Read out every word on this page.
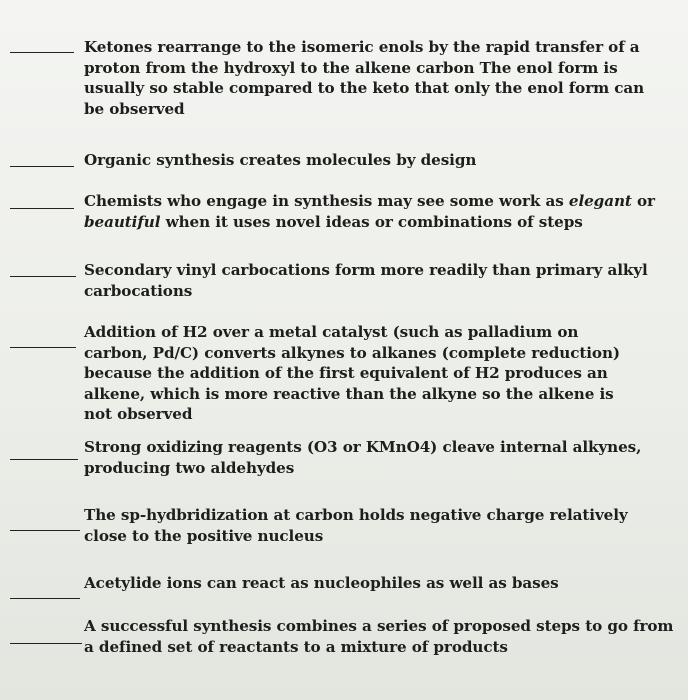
Ketones rearrange to the isomeric enols by the rapid transfer of a proton from the hydroxyl to the alkene carbon The enol form is usually so stable compared to the keto that only the enol form can be observed

Organic synthesis creates molecules by design

Chemists who engage in synthesis may see some work as elegant or beautiful when it uses novel ideas or combinations of steps

Secondary vinyl carbocations form more readily than primary alkyl carbocations

Addition of H2 over a metal catalyst (such as palladium on carbon, Pd/C) converts alkynes to alkanes (complete reduction) because the addition of the first equivalent of H2 produces an alkene, which is more reactive than the alkyne so the alkene is not observed

Strong oxidizing reagents (O3 or KMnO4) cleave internal alkynes, producing two aldehydes

The sp-hydbridization at carbon holds negative charge relatively close to the positive nucleus

Acetylide ions can react as nucleophiles as well as bases

A successful synthesis combines a series of proposed steps to go from a defined set of reactants to a mixture of products
